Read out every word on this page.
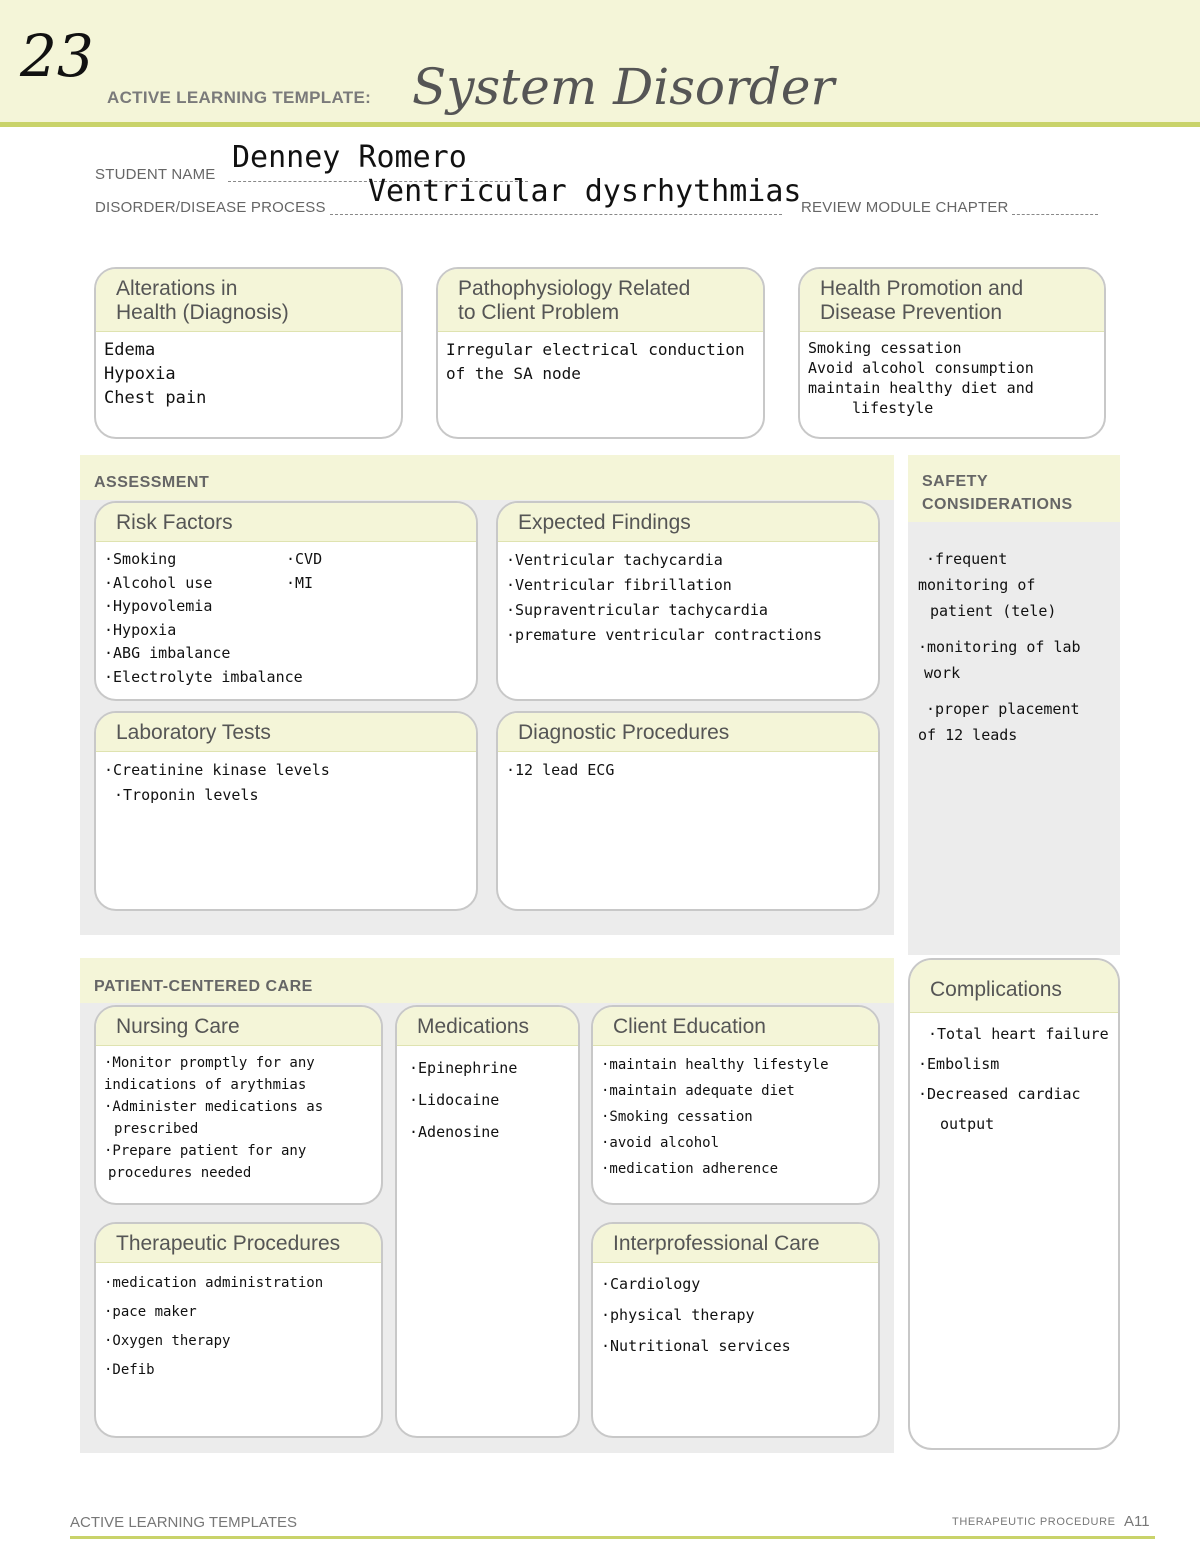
23
ACTIVE LEARNING TEMPLATE: System Disorder
STUDENT NAME Denney Romero
DISORDER/DISEASE PROCESS Ventricular dysrhythmias REVIEW MODULE CHAPTER
Alterations in
Health (Diagnosis)
Edema
Hypoxia
Chest pain
Pathophysiology Related
to Client Problem
Irregular electrical conduction
of the SA node
Health Promotion and
Disease Prevention
Smoking cessation
Avoid alcohol consumption
maintain healthy diet and
lifestyle
ASSESSMENT
Risk Factors
·Smoking
·Alcohol use
·Hypovolemia
·Hypoxia
·ABG imbalance
·Electrolyte imbalance
·CVD
·MI
Expected Findings
·Ventricular tachycardia
·Ventricular fibrillation
·Supraventricular tachycardia
·premature ventricular contractions
Laboratory Tests
·Creatinine kinase levels
·Troponin levels
Diagnostic Procedures
·12 lead ECG
SAFETY
CONSIDERATIONS
·frequent
monitoring of
patient (tele)
·monitoring of lab
work
·proper placement
of 12 leads
PATIENT-CENTERED CARE
Nursing Care
·Monitor promptly for any
indications of arythmias
·Administer medications as
prescribed
·Prepare patient for any
procedures needed
Medications
·Epinephrine
·Lidocaine
·Adenosine
Client Education
·maintain healthy lifestyle
·maintain adequate diet
·Smoking cessation
·avoid alcohol
·medication adherence
Therapeutic Procedures
·medication administration
·pace maker
·Oxygen therapy
·Defib
Interprofessional Care
·Cardiology
·physical therapy
·Nutritional services
Complications
·Total heart failure
·Embolism
·Decreased cardiac
output
ACTIVE LEARNING TEMPLATES	THERAPEUTIC PROCEDURE A11
